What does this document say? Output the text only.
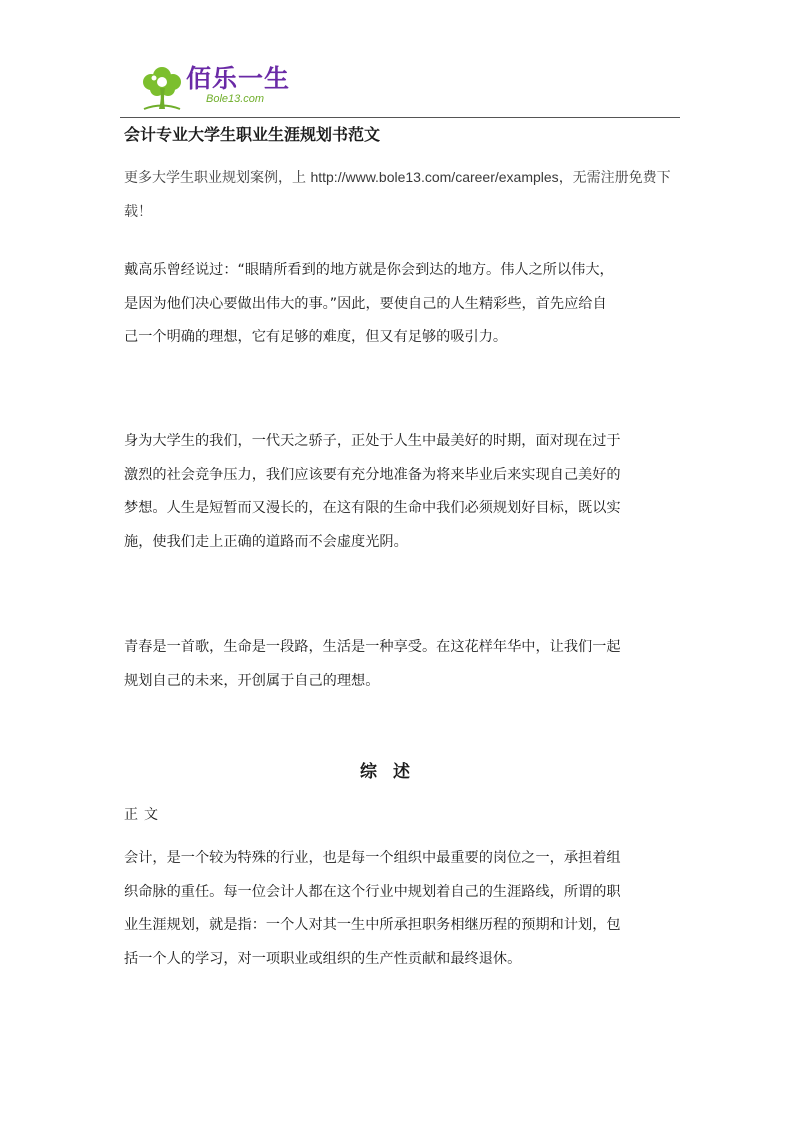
佰乐一生
Bole13.com
会计专业大学生职业生涯规划书范文
更多大学生职业规划案例，上 http://www.bole13.com/career/examples，无需注册免费下载！
戴高乐曾经说过：“眼睛所看到的地方就是你会到达的地方。伟人之所以伟大，
是因为他们决心要做出伟大的事。”因此，要使自己的人生精彩些，首先应给自
己一个明确的理想，它有足够的难度，但又有足够的吸引力。
身为大学生的我们，一代天之骄子，正处于人生中最美好的时期，面对现在过于
激烈的社会竞争压力，我们应该要有充分地准备为将来毕业后来实现自己美好的
梦想。人生是短暂而又漫长的，在这有限的生命中我们必须规划好目标，既以实
施，使我们走上正确的道路而不会虚度光阴。
青春是一首歌，生命是一段路，生活是一种享受。在这花样年华中，让我们一起
规划自己的未来，开创属于自己的理想。
综述
正文
会计，是一个较为特殊的行业，也是每一个组织中最重要的岗位之一，承担着组
织命脉的重任。每一位会计人都在这个行业中规划着自己的生涯路线，所谓的职
业生涯规划，就是指：一个人对其一生中所承担职务相继历程的预期和计划，包
括一个人的学习，对一项职业或组织的生产性贡献和最终退休。
